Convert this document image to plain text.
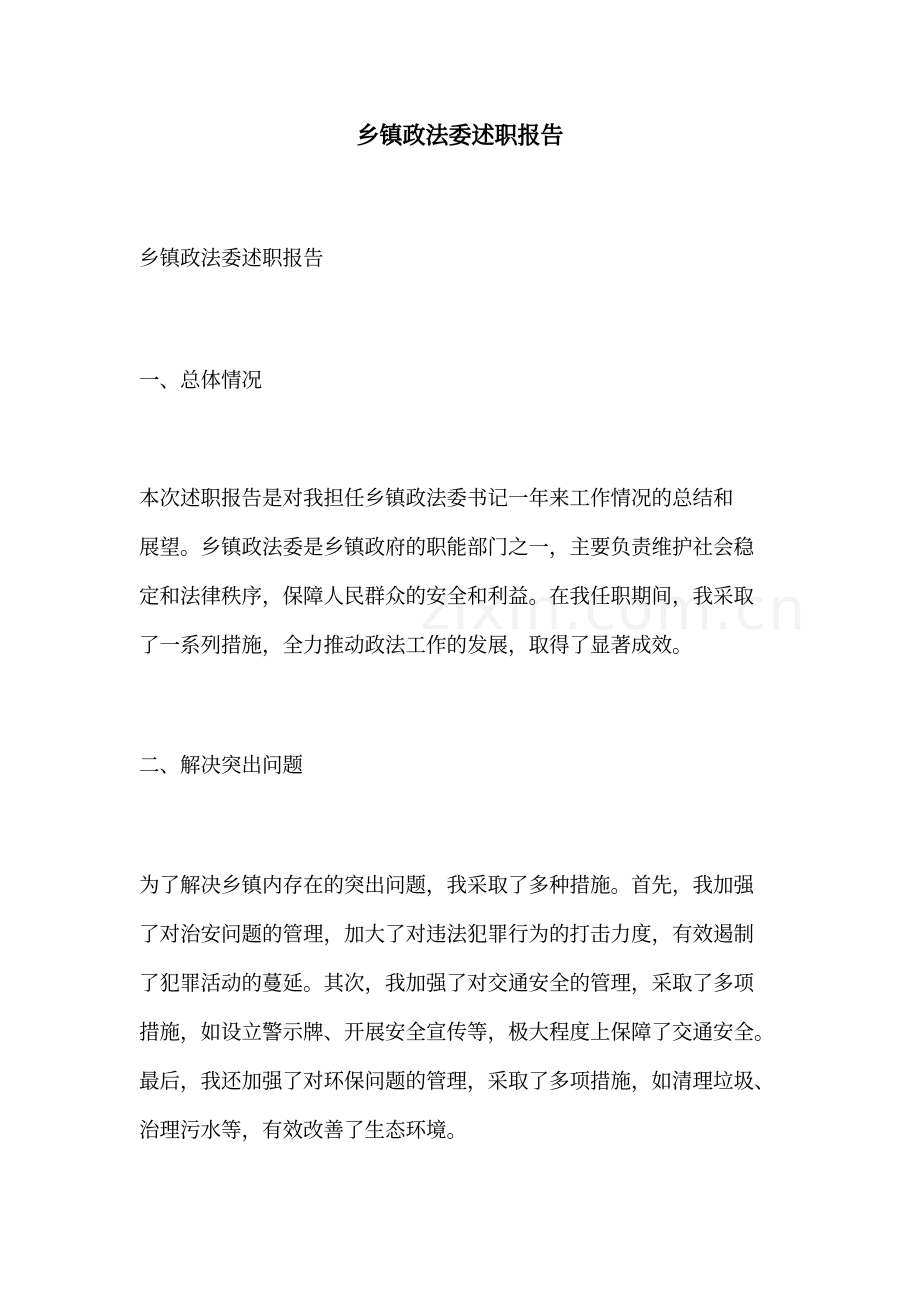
乡镇政法委述职报告

乡镇政法委述职报告

一、总体情况

本次述职报告是对我担任乡镇政法委书记一年来工作情况的总结和

展望。乡镇政法委是乡镇政府的职能部门之一，主要负责维护社会稳

定和法律秩序，保障人民群众的安全和利益。在我任职期间，我采取

了一系列措施，全力推动政法工作的发展，取得了显著成效。

二、解决突出问题

为了解决乡镇内存在的突出问题，我采取了多种措施。首先，我加强

了对治安问题的管理，加大了对违法犯罪行为的打击力度，有效遏制

了犯罪活动的蔓延。其次，我加强了对交通安全的管理，采取了多项

措施，如设立警示牌、开展安全宣传等，极大程度上保障了交通安全。

最后，我还加强了对环保问题的管理，采取了多项措施，如清理垃圾、

治理污水等，有效改善了生态环境。
